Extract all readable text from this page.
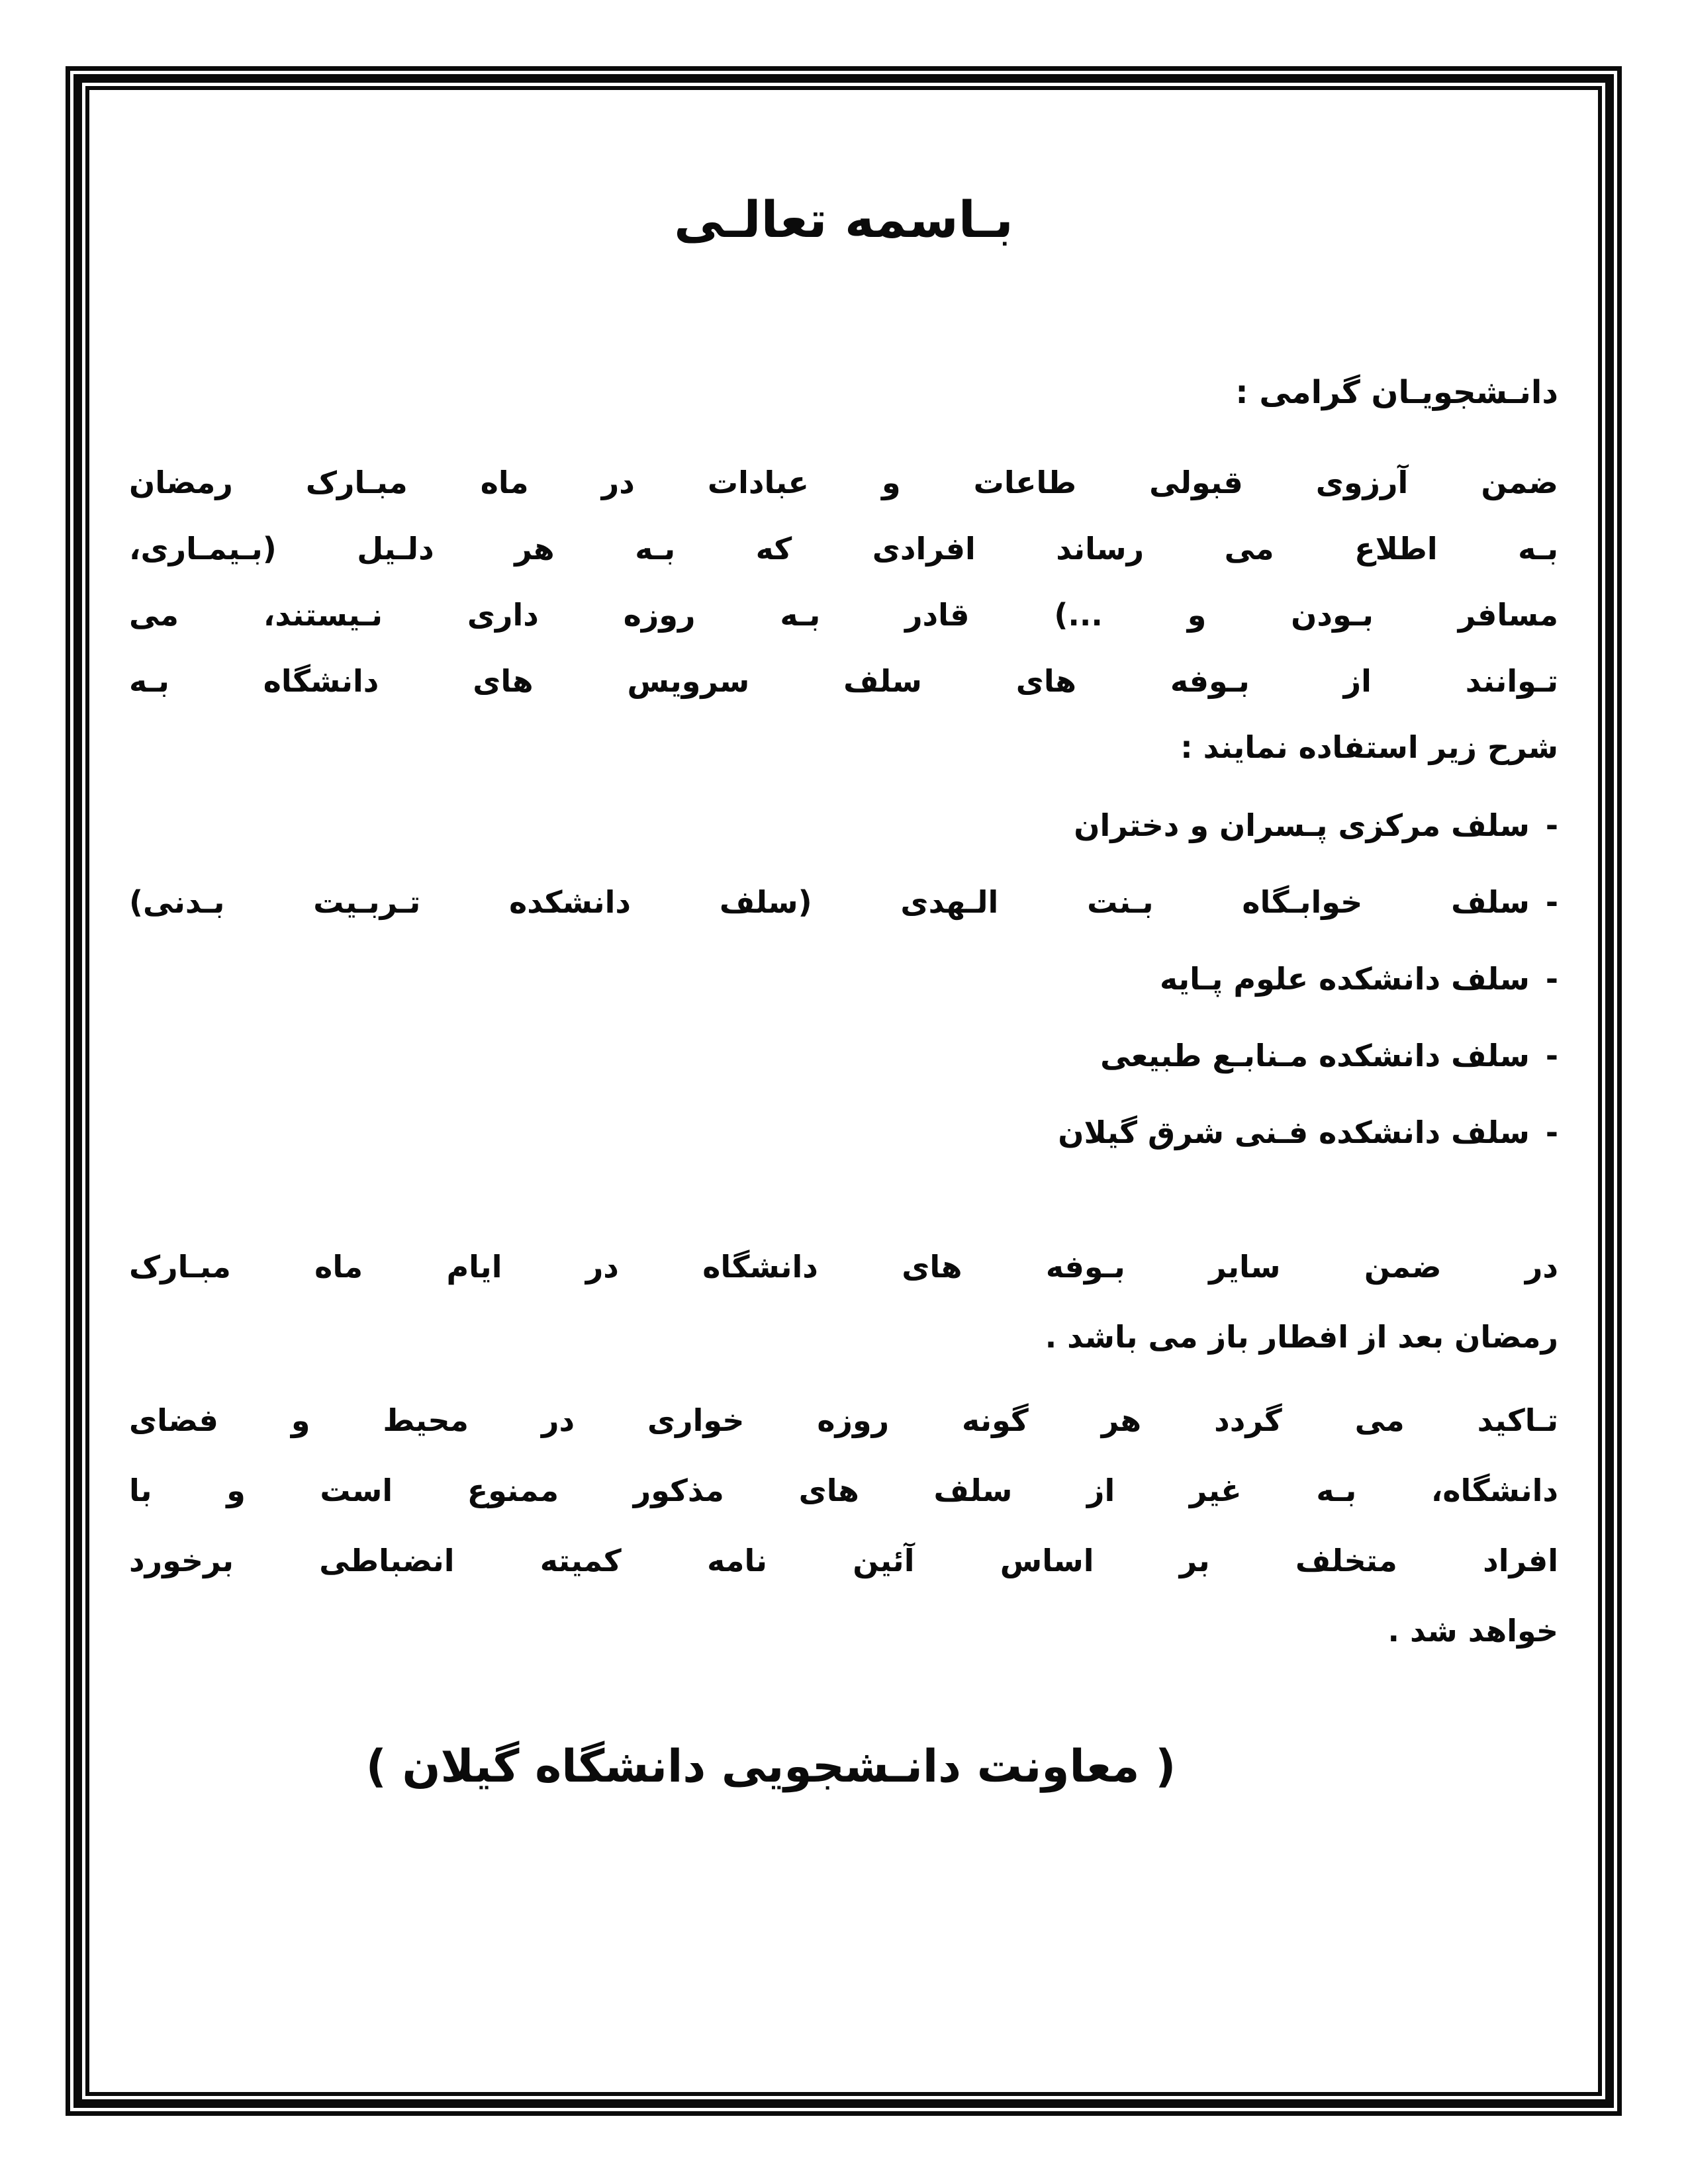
بـاسمه تعالـی
دانـشجویـان گرامی :
ضمن آرزوی قبولی طاعات و عبادات در ماه مبـارک رمضان
بـه اطلاع می رساند افرادی که بـه هر دلـیل (بـیمـاری،
مسافر بـودن و ...) قادر بـه روزه داری نـیستند، می
تـوانند از بـوفه های سلف سرویس های دانشگاه بـه
شرح زیر استفاده نمایند :
-سلف مرکزی پـسران و دختران
-سلف خوابـگاه بـنت الـهدی (سلف دانشکده تـربـیت بـدنی)
-سلف دانشکده علوم پـایه
-سلف دانشکده مـنابـع طبیعی
-سلف دانشکده فـنی شرق گیلان
در ضمن سایر بـوفه های دانشگاه در ایام ماه مبـارک
رمضان بعد از افطار باز می باشد .
تـاکید می گردد هر گونه روزه خواری در محیط و فضای
دانشگاه، بـه غیر از سلف های مذکور ممنوع است و با
افراد متخلف بر اساس آئین نامه کمیته انضباطی برخورد
خواهد شد .
( معاونت دانـشجویی دانشگاه گیلان )
